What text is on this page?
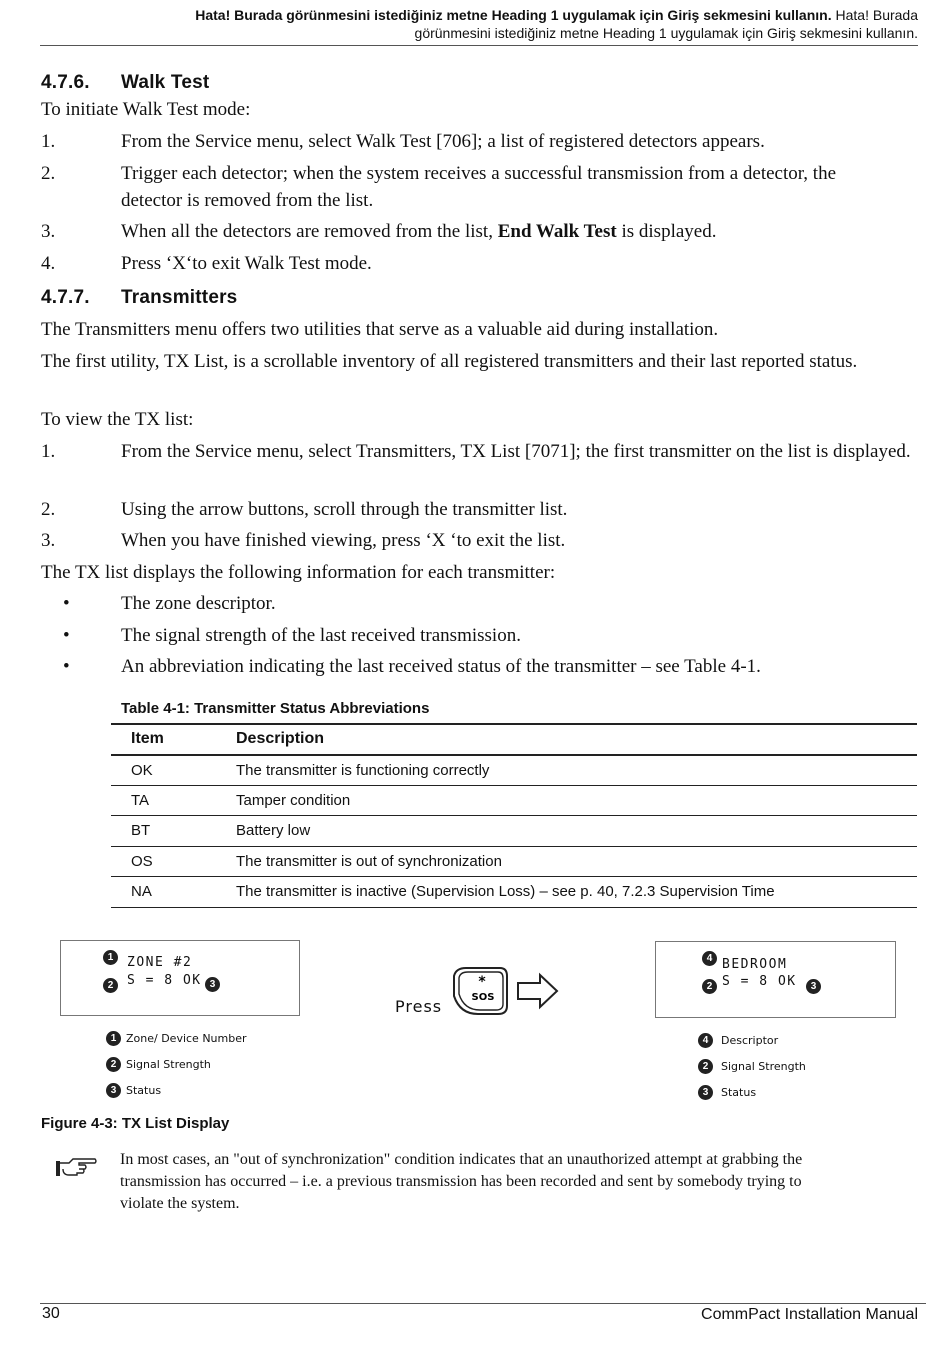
Hata! Burada görünmesini istediğiniz metne Heading 1 uygulamak için Giriş sekmesini kullanın. Hata! Burada
görünmesini istediğiniz metne Heading 1 uygulamak için Giriş sekmesini kullanın.
4.7.6. Walk Test
To initiate Walk Test mode:
1.	From the Service menu, select Walk Test [706]; a list of registered detectors appears.
2.	Trigger each detector; when the system receives a successful transmission from a detector, the detector is removed from the list.
3.	When all the detectors are removed from the list, End Walk Test is displayed.
4.	Press ‘X‘to exit Walk Test mode.
4.7.7. Transmitters
The Transmitters menu offers two utilities that serve as a valuable aid during installation.
The first utility, TX List, is a scrollable inventory of all registered transmitters and their last reported status.
To view the TX list:
1.	From the Service menu, select Transmitters, TX List [7071]; the first transmitter on the list is displayed.
2.	Using the arrow buttons, scroll through the transmitter list.
3.	When you have finished viewing, press ‘X ‘to exit the list.
The TX list displays the following information for each transmitter:
•	The zone descriptor.
•	The signal strength of the last received transmission.
•	An abbreviation indicating the last received status of the transmitter – see Table 4-1.
Table 4-1: Transmitter Status Abbreviations
Item	Description
OK	The transmitter is functioning correctly
TA	Tamper condition
BT	Battery low
OS	The transmitter is out of synchronization
NA	The transmitter is inactive (Supervision Loss) – see p. 40, 7.2.3 Supervision Time
1	ZONE #2
2	S = 8 OK 3
Press
*
SOS
4 BEDROOM
2 S = 8 OK	3
1 Zone/ Device Number
2 Signal Strength
3 Status
4	Descriptor
2	Signal Strength
3	Status
Figure 4-3: TX List Display
In most cases, an "out of synchronization" condition indicates that an unauthorized attempt at grabbing the transmission has occurred – i.e. a previous transmission has been recorded and sent by somebody trying to violate the system.
30	CommPact Installation Manual
